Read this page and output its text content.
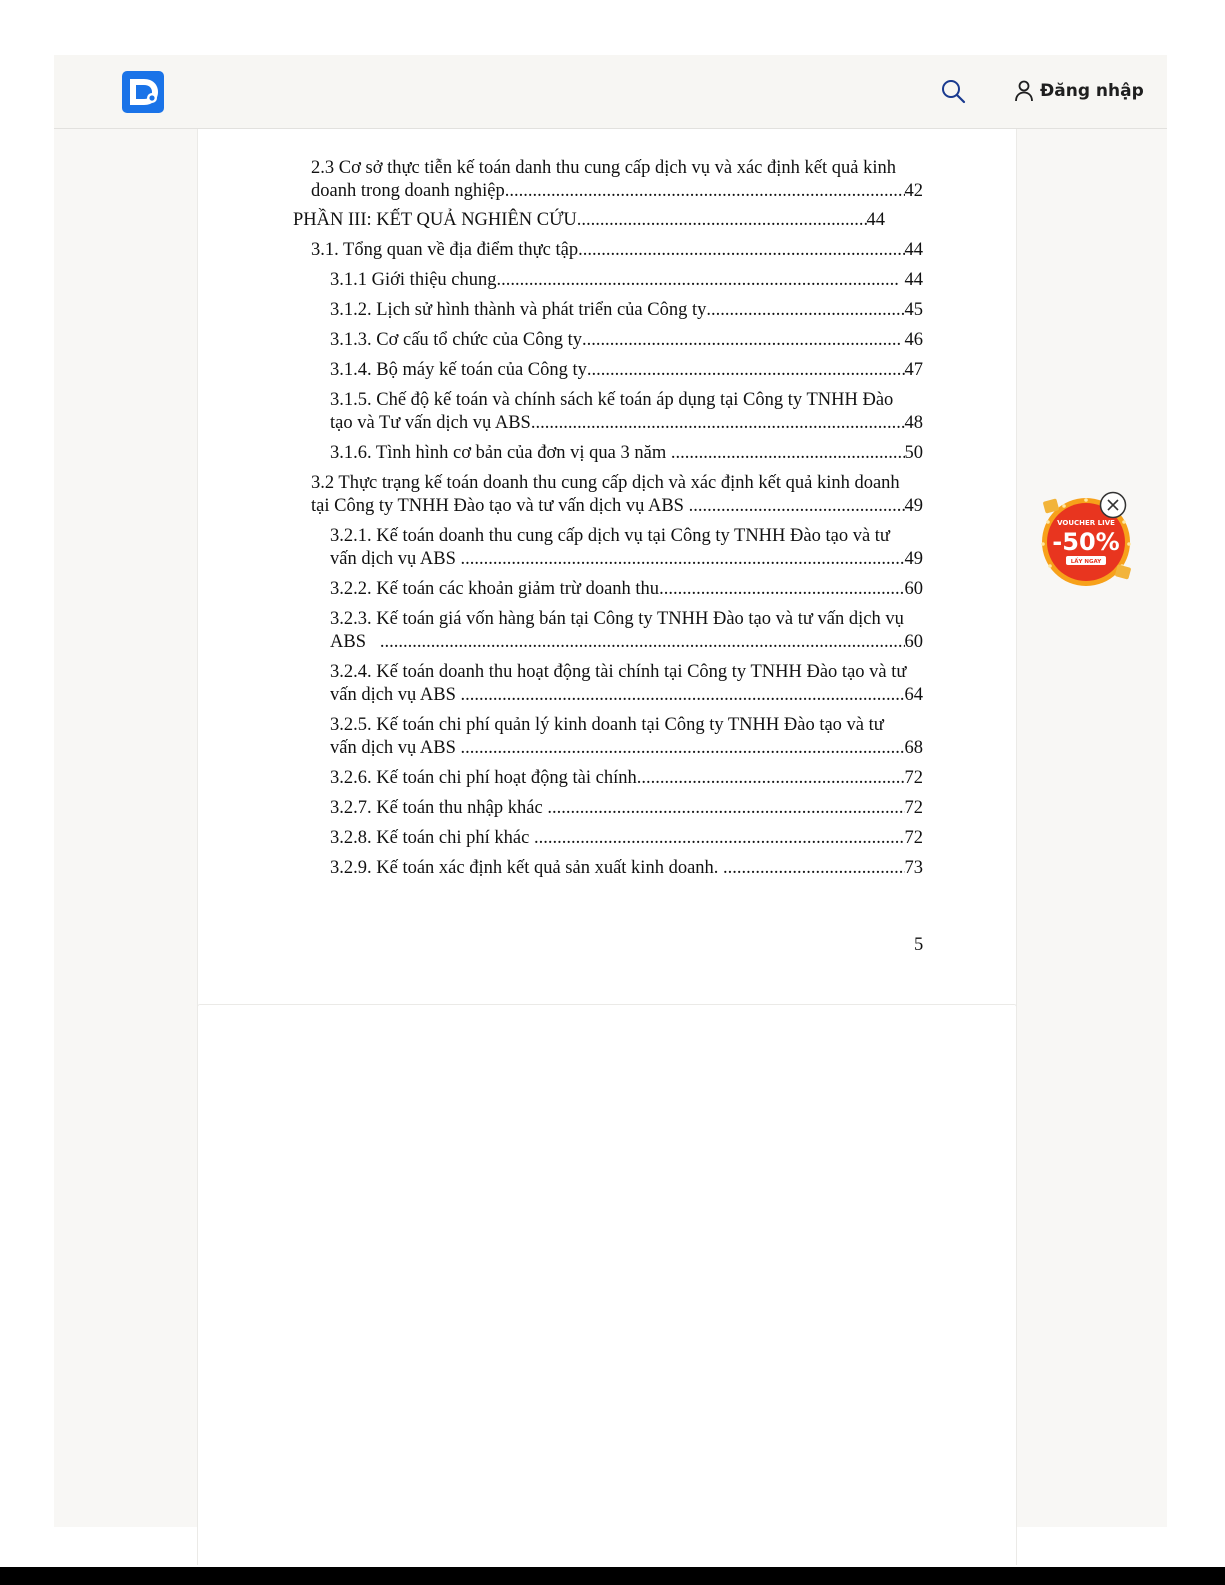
Đăng nhập
2.3 Cơ sở thực tiễn kế toán danh thu cung cấp dịch vụ và xác định kết quả kinh
doanh trong doanh nghiệp. .....	42
PHẦN III: KẾT QUẢ NGHIÊN CỨU .....	44
3.1. Tổng quan về địa điểm thực tập .....	44
3.1.1 Giới thiệu chung .....	44
3.1.2. Lịch sử hình thành và phát triển của Công ty .....	45
3.1.3. Cơ cấu tổ chức của Công ty .....	46
3.1.4. Bộ máy kế toán của Công ty .....	47
3.1.5. Chế độ kế toán và chính sách kế toán áp dụng tại Công ty TNHH Đào
tạo và Tư vấn dịch vụ ABS .....	48
3.1.6. Tình hình cơ bản của đơn vị qua 3 năm .....	50
3.2 Thực trạng kế toán doanh thu cung cấp dịch và xác định kết quả kinh doanh
tại Công ty TNHH Đào tạo và tư vấn dịch vụ ABS .....	49
3.2.1. Kế toán doanh thu cung cấp dịch vụ tại Công ty TNHH Đào tạo và tư
vấn dịch vụ ABS .....	49
3.2.2. Kế toán các khoản giảm trừ doanh thu .....	60
3.2.3. Kế toán giá vốn hàng bán tại Công ty TNHH Đào tạo và tư vấn dịch vụ
ABS .....	60
3.2.4. Kế toán doanh thu hoạt động tài chính tại Công ty TNHH Đào tạo và tư
vấn dịch vụ ABS .....	64
3.2.5. Kế toán chi phí quản lý kinh doanh tại Công ty TNHH Đào tạo và tư
vấn dịch vụ ABS .....	68
3.2.6. Kế toán chi phí hoạt động tài chính .....	72
3.2.7. Kế toán thu nhập khác .....	72
3.2.8. Kế toán chi phí khác .....	72
3.2.9. Kế toán xác định kết quả sản xuất kinh doanh. .....	73
5
VOUCHER LIVE
-50%
LẤY NGAY
